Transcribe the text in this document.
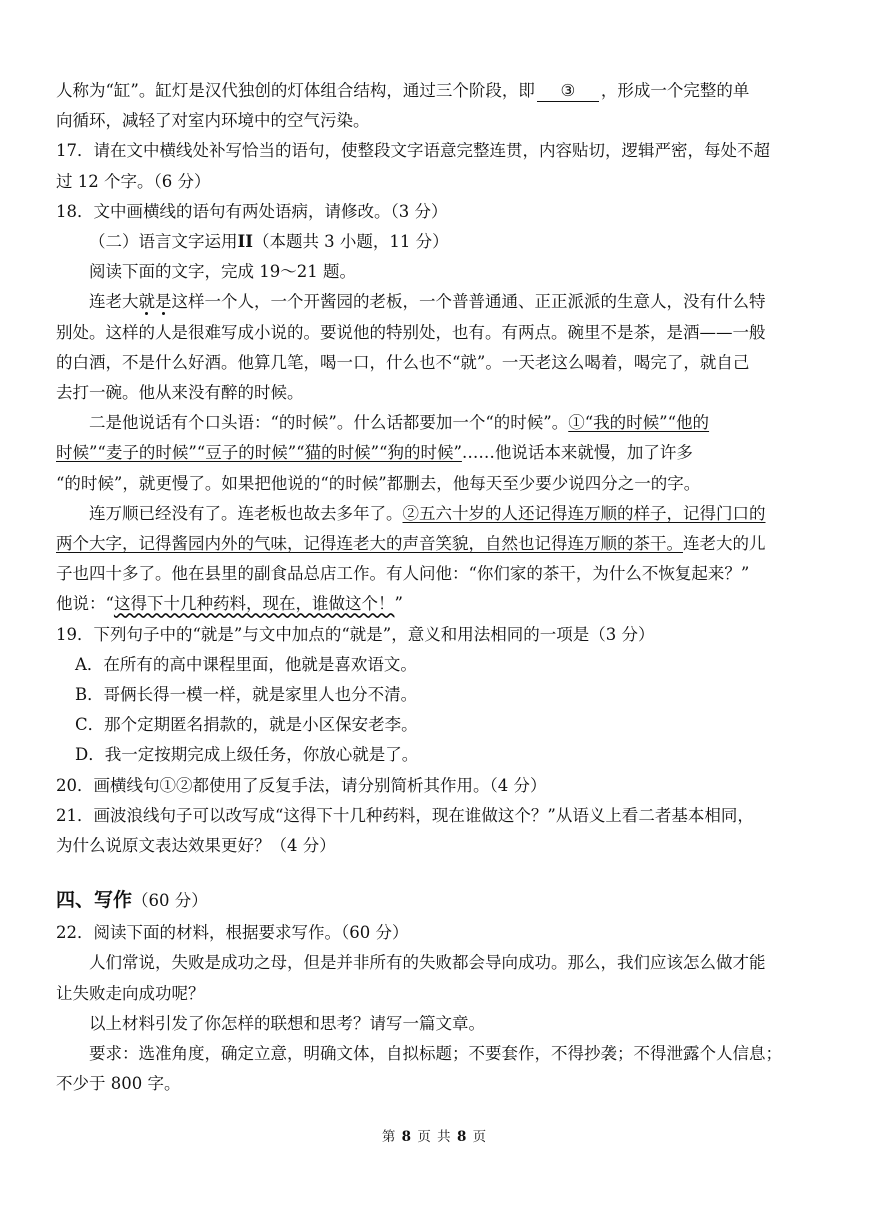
人称为“缸”。缸灯是汉代独创的灯体组合结构，通过三个阶段，即 ③ ，形成一个完整的单
向循环，减轻了对室内环境中的空气污染。
17．请在文中横线处补写恰当的语句，使整段文字语意完整连贯，内容贴切，逻辑严密，每处不超
过 12 个字。（6 分）
18．文中画横线的语句有两处语病，请修改。（3 分）
（二）语言文字运用II（本题共 3 小题，11 分）
阅读下面的文字，完成 19～21 题。
连老大就是这样一个人，一个开酱园的老板，一个普普通通、正正派派的生意人，没有什么特
别处。这样的人是很难写成小说的。要说他的特别处，也有。有两点。碗里不是茶，是酒——一般
的白酒，不是什么好酒。他算几笔，喝一口，什么也不“就”。一天老这么喝着，喝完了，就自己
去打一碗。他从来没有醉的时候。
二是他说话有个口头语：“的时候”。什么话都要加一个“的时候”。①“我的时候”“他的
时候”“麦子的时候”“豆子的时候”“猫的时候”“狗的时候”……他说话本来就慢，加了许多
“的时候”，就更慢了。如果把他说的“的时候”都删去，他每天至少要少说四分之一的字。
连万顺已经没有了。连老板也故去多年了。②五六十岁的人还记得连万顺的样子，记得门口的
两个大字，记得酱园内外的气味，记得连老大的声音笑貌，自然也记得连万顺的茶干。连老大的儿
子也四十多了。他在县里的副食品总店工作。有人问他：“你们家的茶干，为什么不恢复起来？”
他说：“这得下十几种药料，现在，谁做这个！”
19．下列句子中的“就是”与文中加点的“就是”，意义和用法相同的一项是（3 分）
A．在所有的高中课程里面，他就是喜欢语文。
B．哥俩长得一模一样，就是家里人也分不清。
C．那个定期匿名捐款的，就是小区保安老李。
D．我一定按期完成上级任务，你放心就是了。
20．画横线句①②都使用了反复手法，请分别简析其作用。（4 分）
21．画波浪线句子可以改写成“这得下十几种药料，现在谁做这个？”从语义上看二者基本相同，
为什么说原文表达效果更好？（4 分）
四、写作（60 分）
22．阅读下面的材料，根据要求写作。（60 分）
人们常说，失败是成功之母，但是并非所有的失败都会导向成功。那么，我们应该怎么做才能
让失败走向成功呢？
以上材料引发了你怎样的联想和思考？请写一篇文章。
要求：选准角度，确定立意，明确文体，自拟标题；不要套作，不得抄袭；不得泄露个人信息；
不少于 800 字。
第 8 页 共 8 页
